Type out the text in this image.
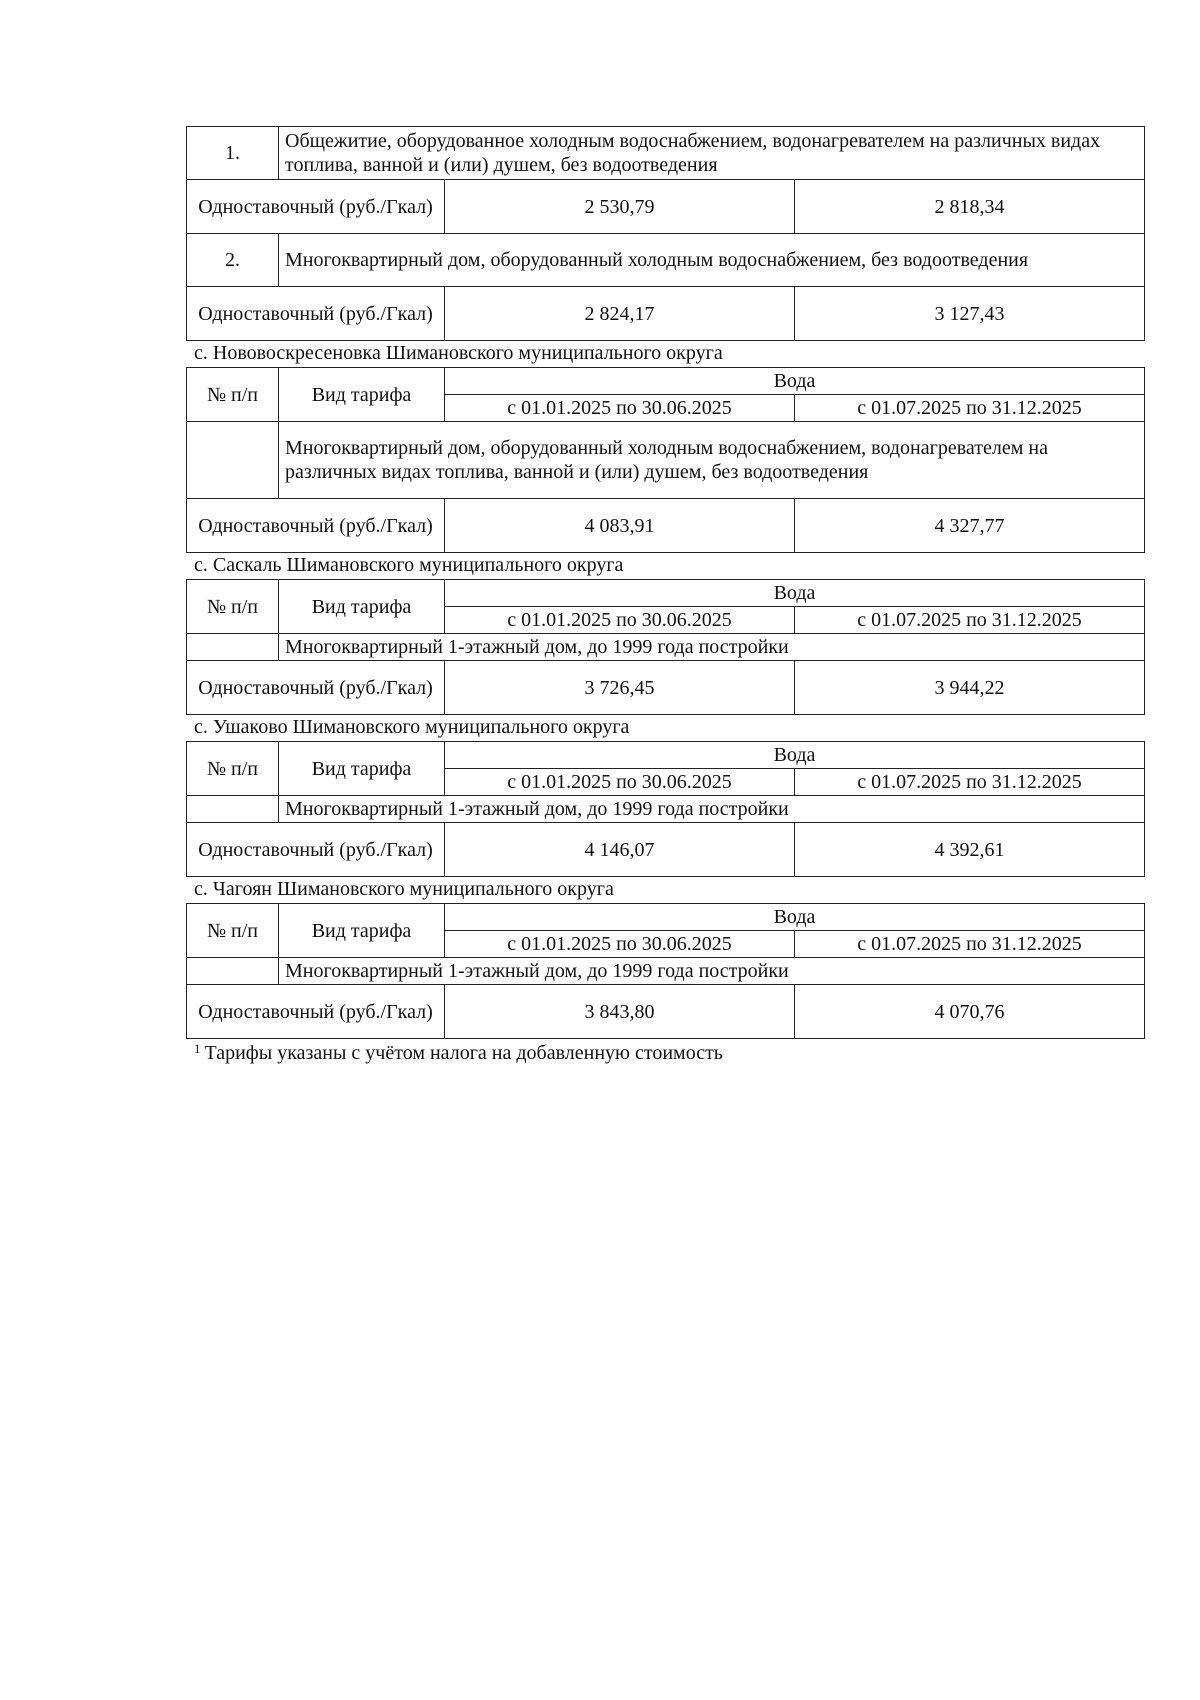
1.	Общежитие, оборудованное холодным водоснабжением, водонагревателем на различных видах топлива, ванной и (или) душем, без водоотведения		
Одноставочный (руб./Гкал)		2 530,79	2 818,34
2.	Многоквартирный дом, оборудованный холодным водоснабжением, без водоотведения		
Одноставочный (руб./Гкал)		2 824,17	3 127,43
с. Нововоскресеновка Шимановского муниципального округа
№ п/п	Вид тарифа	Вода	
		с 01.01.2025 по 30.06.2025	с 01.07.2025 по 31.12.2025
	Многоквартирный дом, оборудованный холодным водоснабжением, водонагревателем на различных видах топлива, ванной и (или) душем, без водоотведения		
Одноставочный (руб./Гкал)		4 083,91	4 327,77
с. Саскаль Шимановского муниципального округа
№ п/п	Вид тарифа	Вода	
		с 01.01.2025 по 30.06.2025	с 01.07.2025 по 31.12.2025
	Многоквартирный 1-этажный дом, до 1999 года постройки		
Одноставочный (руб./Гкал)		3 726,45	3 944,22
с. Ушаково Шимановского муниципального округа
№ п/п	Вид тарифа	Вода	
		с 01.01.2025 по 30.06.2025	с 01.07.2025 по 31.12.2025
	Многоквартирный 1-этажный дом, до 1999 года постройки		
Одноставочный (руб./Гкал)		4 146,07	4 392,61
с. Чагоян Шимановского муниципального округа
№ п/п	Вид тарифа	Вода	
		с 01.01.2025 по 30.06.2025	с 01.07.2025 по 31.12.2025
	Многоквартирный 1-этажный дом, до 1999 года постройки		
Одноставочный (руб./Гкал)		3 843,80	4 070,76
$^1$ Тарифы указаны с учётом налога на добавленную стоимость
